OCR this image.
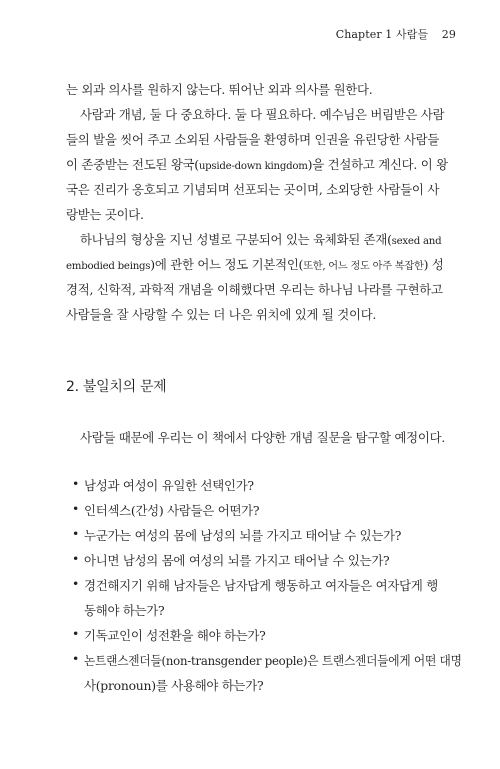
Chapter 1 사람들 29
는 외과 의사를 원하지 않는다. 뛰어난 외과 의사를 원한다.
사람과 개념, 둘 다 중요하다. 둘 다 필요하다. 예수님은 버림받은 사람
들의 발을 씻어 주고 소외된 사람들을 환영하며 인권을 유린당한 사람들
이 존중받는 전도된 왕국(upside-down kingdom)을 건설하고 계신다. 이 왕
국은 진리가 옹호되고 기념되며 선포되는 곳이며, 소외당한 사람들이 사
랑받는 곳이다.
하나님의 형상을 지닌 성별로 구분되어 있는 육체화된 존재(sexed and
embodied beings)에 관한 어느 정도 기본적인(또한, 어느 정도 아주 복잡한) 성
경적, 신학적, 과학적 개념을 이해했다면 우리는 하나님 나라를 구현하고
사람들을 잘 사랑할 수 있는 더 나은 위치에 있게 될 것이다.
2. 불일치의 문제
사람들 때문에 우리는 이 책에서 다양한 개념 질문을 탐구할 예정이다.
• 남성과 여성이 유일한 선택인가?
• 인터섹스(간성) 사람들은 어떤가?
• 누군가는 여성의 몸에 남성의 뇌를 가지고 태어날 수 있는가?
• 아니면 남성의 몸에 여성의 뇌를 가지고 태어날 수 있는가?
• 경건해지기 위해 남자들은 남자답게 행동하고 여자들은 여자답게 행
동해야 하는가?
• 기독교인이 성전환을 해야 하는가?
• 논트랜스젠더들(non-transgender people)은 트랜스젠더들에게 어떤 대명
사(pronoun)를 사용해야 하는가?
